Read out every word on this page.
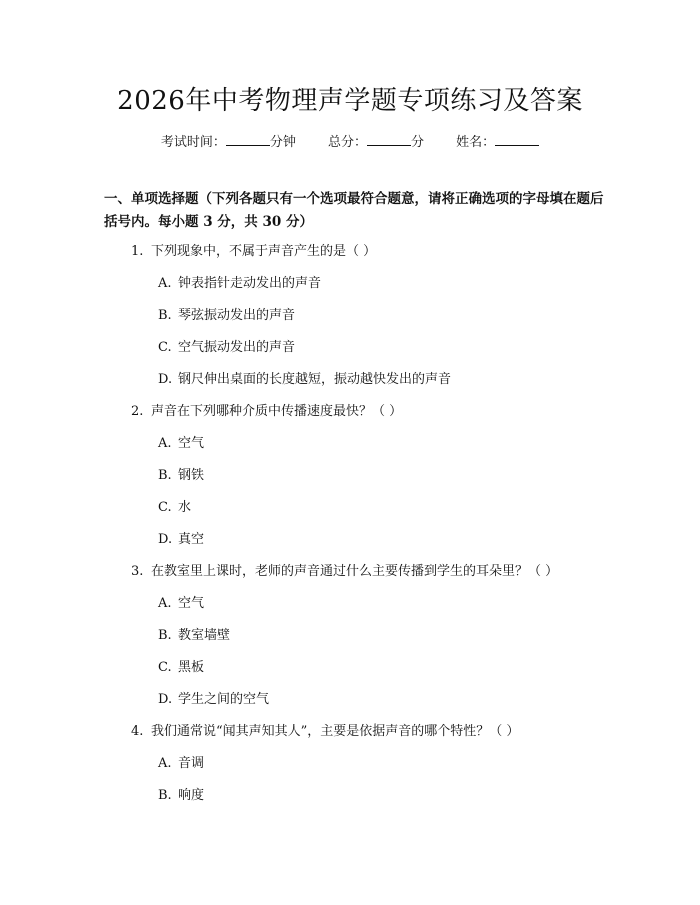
2026年中考物理声学题专项练习及答案
考试时间：	分钟 总分：	分 姓名：
一、单项选择题（下列各题只有一个选项最符合题意，请将正确选项的字母填在题后括号内。每小题 3 分，共 30 分）
1. 下列现象中，不属于声音产生的是（ ）
A. 钟表指针走动发出的声音
B. 琴弦振动发出的声音
C. 空气振动发出的声音
D. 钢尺伸出桌面的长度越短，振动越快发出的声音
2. 声音在下列哪种介质中传播速度最快？（ ）
A. 空气
B. 钢铁
C. 水
D. 真空
3. 在教室里上课时，老师的声音通过什么主要传播到学生的耳朵里？（ ）
A. 空气
B. 教室墙壁
C. 黑板
D. 学生之间的空气
4. 我们通常说“闻其声知其人”，主要是依据声音的哪个特性？（ ）
A. 音调
B. 响度
